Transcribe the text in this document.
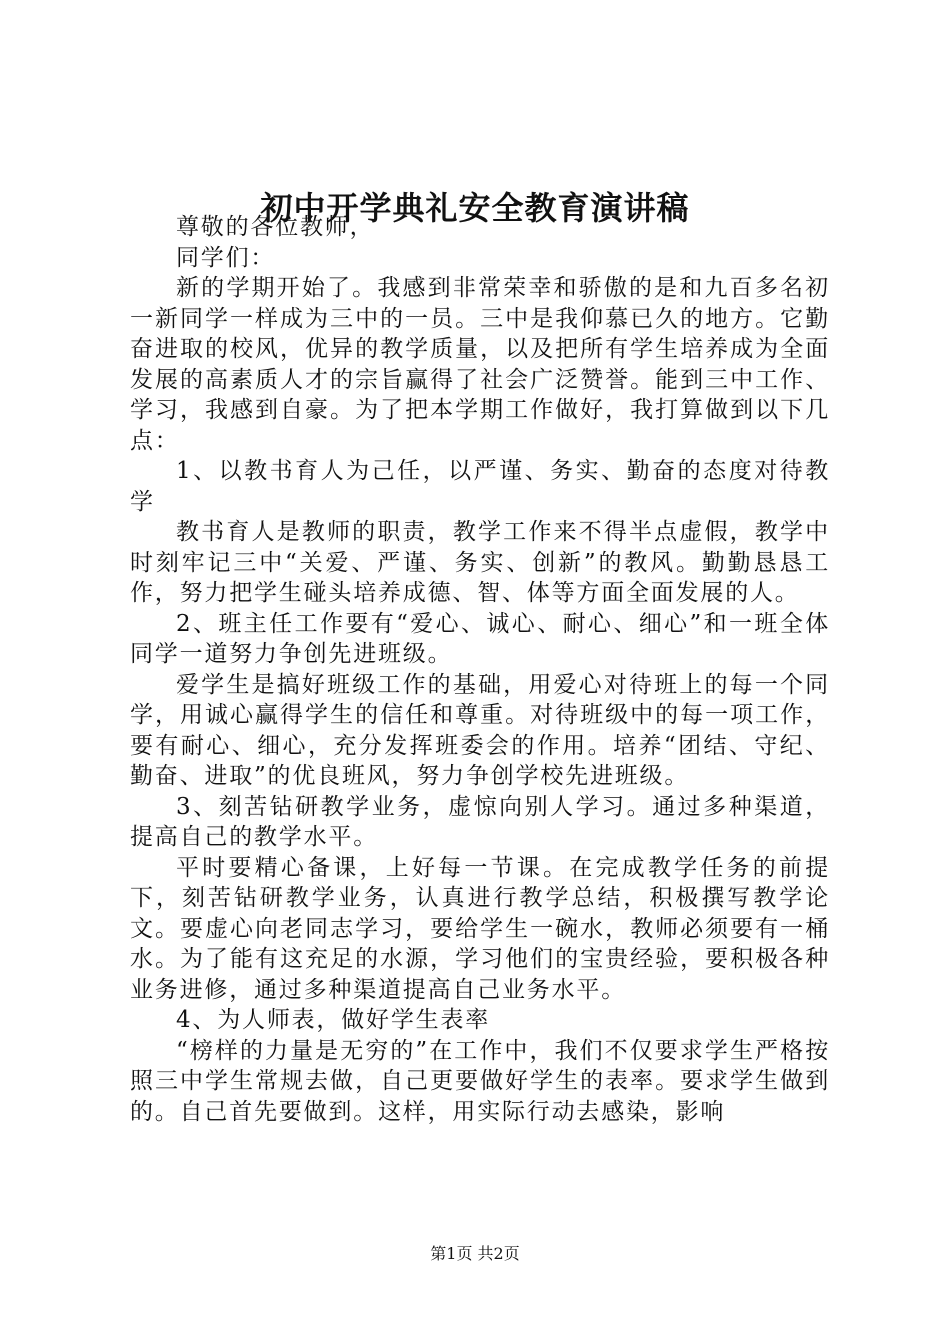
初中开学典礼安全教育演讲稿

尊敬的各位教师，

同学们：

新的学期开始了。我感到非常荣幸和骄傲的是和九百多名初一新同学一样成为三中的一员。三中是我仰慕已久的地方。它勤奋进取的校风，优异的教学质量，以及把所有学生培养成为全面发展的高素质人才的宗旨赢得了社会广泛赞誉。能到三中工作、学习，我感到自豪。为了把本学期工作做好，我打算做到以下几点：

1、以教书育人为己任，以严谨、务实、勤奋的态度对待教学

教书育人是教师的职责，教学工作来不得半点虚假，教学中时刻牢记三中“关爱、严谨、务实、创新”的教风。勤勤恳恳工作，努力把学生碰头培养成德、智、体等方面全面发展的人。

2、班主任工作要有“爱心、诚心、耐心、细心”和一班全体同学一道努力争创先进班级。

爱学生是搞好班级工作的基础，用爱心对待班上的每一个同学，用诚心赢得学生的信任和尊重。对待班级中的每一项工作，要有耐心、细心，充分发挥班委会的作用。培养“团结、守纪、勤奋、进取”的优良班风，努力争创学校先进班级。

3、刻苦钻研教学业务，虚惊向别人学习。通过多种渠道，提高自己的教学水平。

平时要精心备课，上好每一节课。在完成教学任务的前提下，刻苦钻研教学业务，认真进行教学总结，积极撰写教学论文。要虚心向老同志学习，要给学生一碗水，教师必须要有一桶水。为了能有这充足的水源，学习他们的宝贵经验，要积极各种业务进修，通过多种渠道提高自己业务水平。

4、为人师表，做好学生表率

“榜样的力量是无穷的”在工作中，我们不仅要求学生严格按照三中学生常规去做，自己更要做好学生的表率。要求学生做到的。自己首先要做到。这样，用实际行动去感染，影响

第1页 共2页
